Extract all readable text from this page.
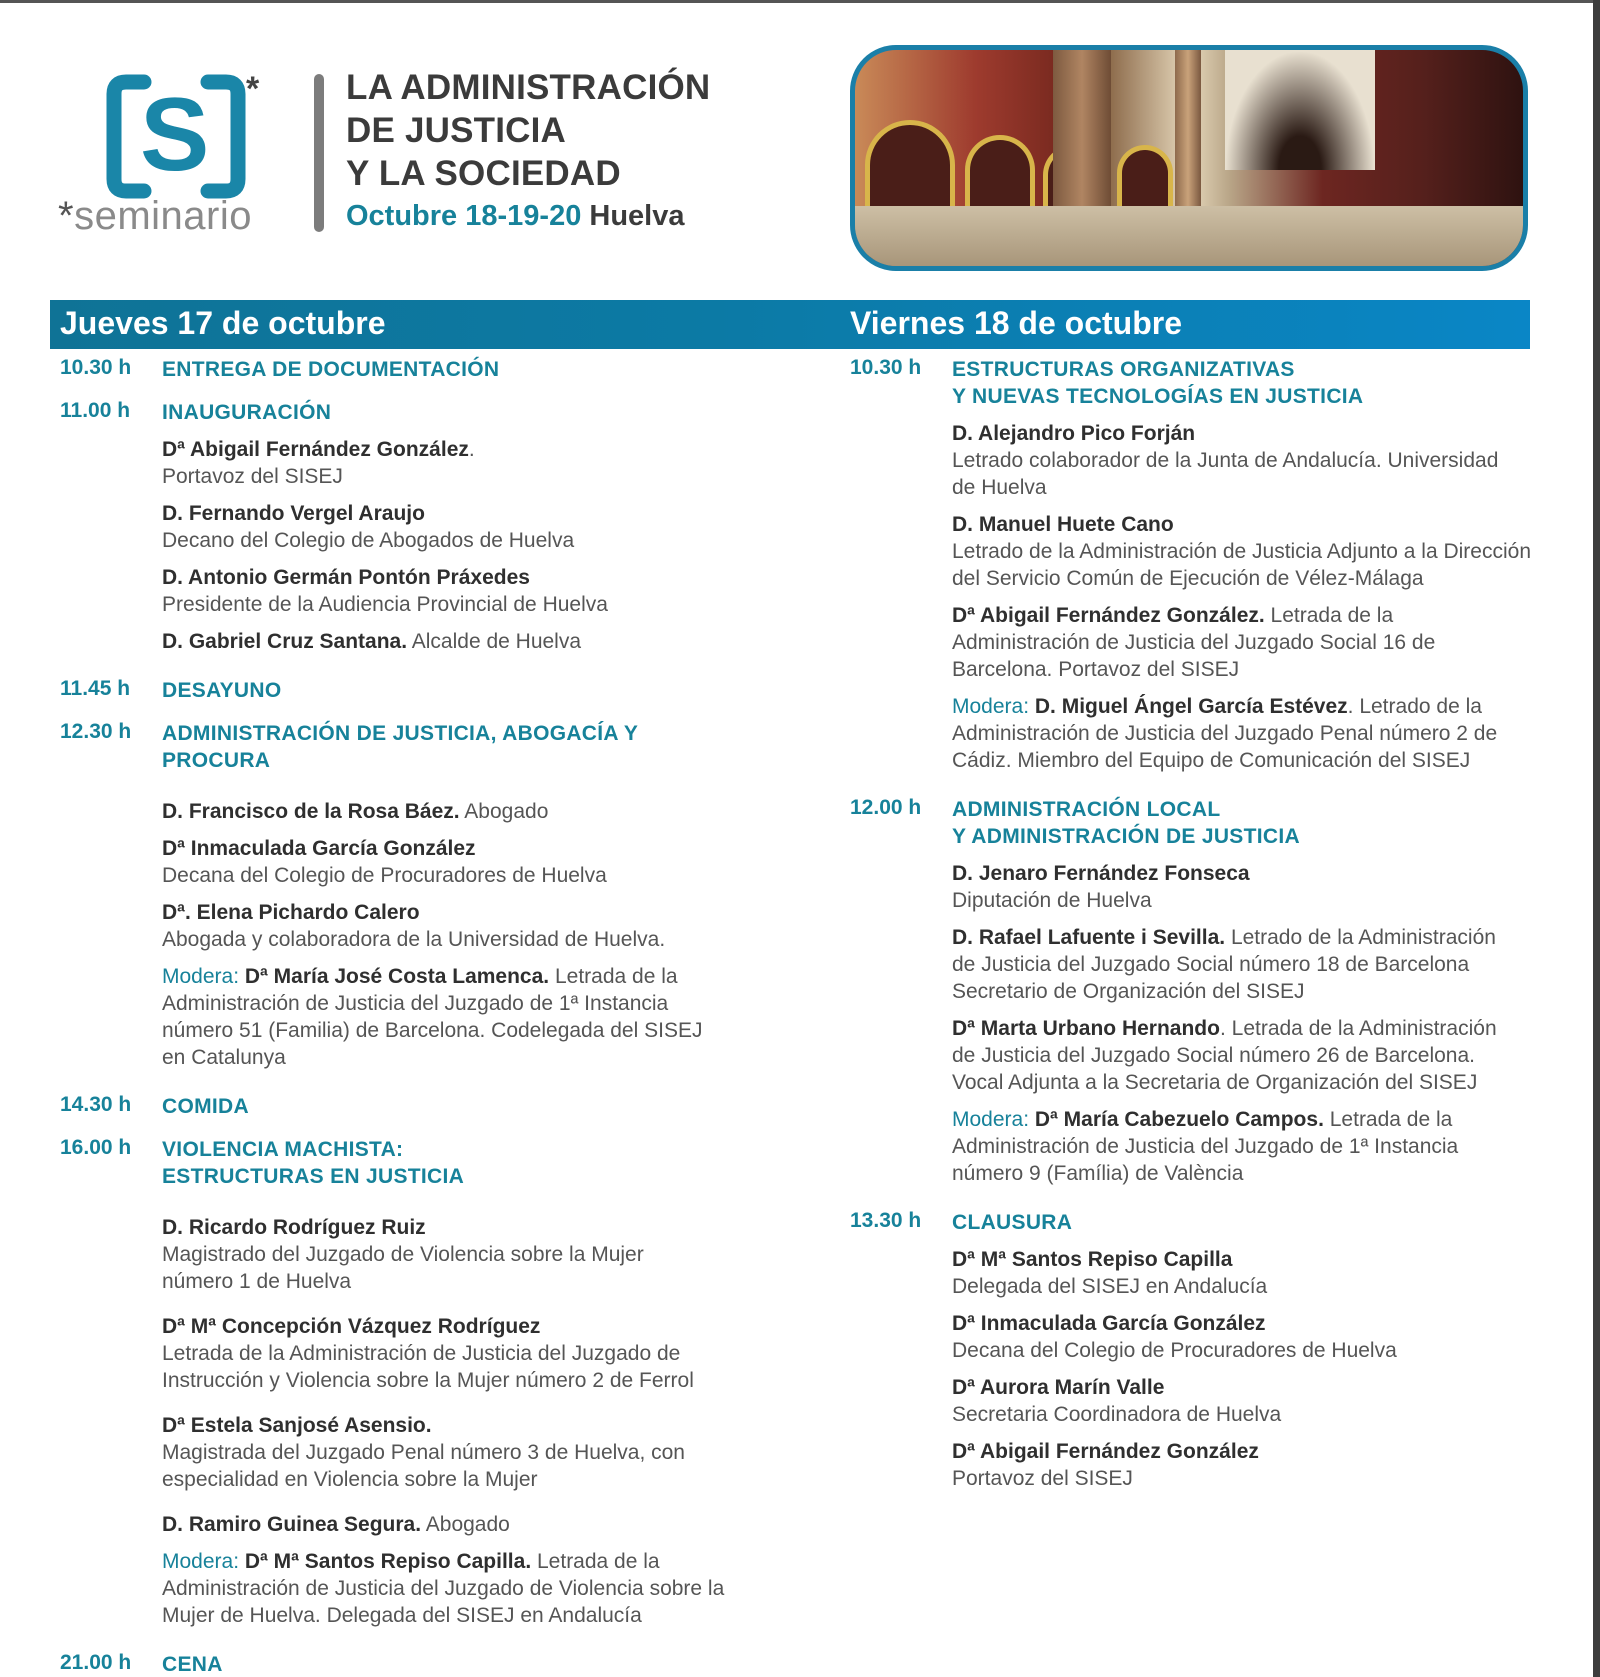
S *
*seminario
LA ADMINISTRACIÓN
DE JUSTICIA
Y LA SOCIEDAD
Octubre 18-19-20 Huelva
Jueves 17 de octubre	Viernes 18 de octubre
10.30 h ENTREGA DE DOCUMENTACIÓN
11.00 h INAUGURACIÓN
Dª Abigail Fernández González.
Portavoz del SISEJ
D. Fernando Vergel Araujo
Decano del Colegio de Abogados de Huelva
D. Antonio Germán Pontón Práxedes
Presidente de la Audiencia Provincial de Huelva
D. Gabriel Cruz Santana. Alcalde de Huelva
11.45 h DESAYUNO
12.30 h ADMINISTRACIÓN DE JUSTICIA, ABOGACÍA Y
PROCURA
D. Francisco de la Rosa Báez. Abogado
Dª Inmaculada García González
Decana del Colegio de Procuradores de Huelva
Dª. Elena Pichardo Calero
Abogada y colaboradora de la Universidad de Huelva.
Modera: Dª María José Costa Lamenca. Letrada de la Administración de Justicia del Juzgado de 1ª Instancia número 51 (Familia) de Barcelona. Codelegada del SISEJ en Catalunya
14.30 h COMIDA
16.00 h VIOLENCIA MACHISTA:
ESTRUCTURAS EN JUSTICIA
D. Ricardo Rodríguez Ruiz
Magistrado del Juzgado de Violencia sobre la Mujer número 1 de Huelva
Dª Mª Concepción Vázquez Rodríguez
Letrada de la Administración de Justicia del Juzgado de Instrucción y Violencia sobre la Mujer número 2 de Ferrol
Dª Estela Sanjosé Asensio.
Magistrada del Juzgado Penal número 3 de Huelva, con especialidad en Violencia sobre la Mujer
D. Ramiro Guinea Segura. Abogado
Modera: Dª Mª Santos Repiso Capilla. Letrada de la Administración de Justicia del Juzgado de Violencia sobre la Mujer de Huelva. Delegada del SISEJ en Andalucía
21.00 h CENA
10.30 h ESTRUCTURAS ORGANIZATIVAS
Y NUEVAS TECNOLOGÍAS EN JUSTICIA
D. Alejandro Pico Forján
Letrado colaborador de la Junta de Andalucía. Universidad de Huelva
D. Manuel Huete Cano
Letrado de la Administración de Justicia Adjunto a la Dirección del Servicio Común de Ejecución de Vélez-Málaga
Dª Abigail Fernández González. Letrada de la Administración de Justicia del Juzgado Social 16 de Barcelona. Portavoz del SISEJ
Modera: D. Miguel Ángel García Estévez. Letrado de la Administración de Justicia del Juzgado Penal número 2 de Cádiz. Miembro del Equipo de Comunicación del SISEJ
12.00 h ADMINISTRACIÓN LOCAL
Y ADMINISTRACIÓN DE JUSTICIA
D. Jenaro Fernández Fonseca
Diputación de Huelva
D. Rafael Lafuente i Sevilla. Letrado de la Administración de Justicia del Juzgado Social número 18 de Barcelona Secretario de Organización del SISEJ
Dª Marta Urbano Hernando. Letrada de la Administración de Justicia del Juzgado Social número 26 de Barcelona. Vocal Adjunta a la Secretaria de Organización del SISEJ
Modera: Dª María Cabezuelo Campos. Letrada de la Administración de Justicia del Juzgado de 1ª Instancia número 9 (Família) de València
13.30 h CLAUSURA
Dª Mª Santos Repiso Capilla
Delegada del SISEJ en Andalucía
Dª Inmaculada García González
Decana del Colegio de Procuradores de Huelva
Dª Aurora Marín Valle
Secretaria Coordinadora de Huelva
Dª Abigail Fernández González
Portavoz del SISEJ
